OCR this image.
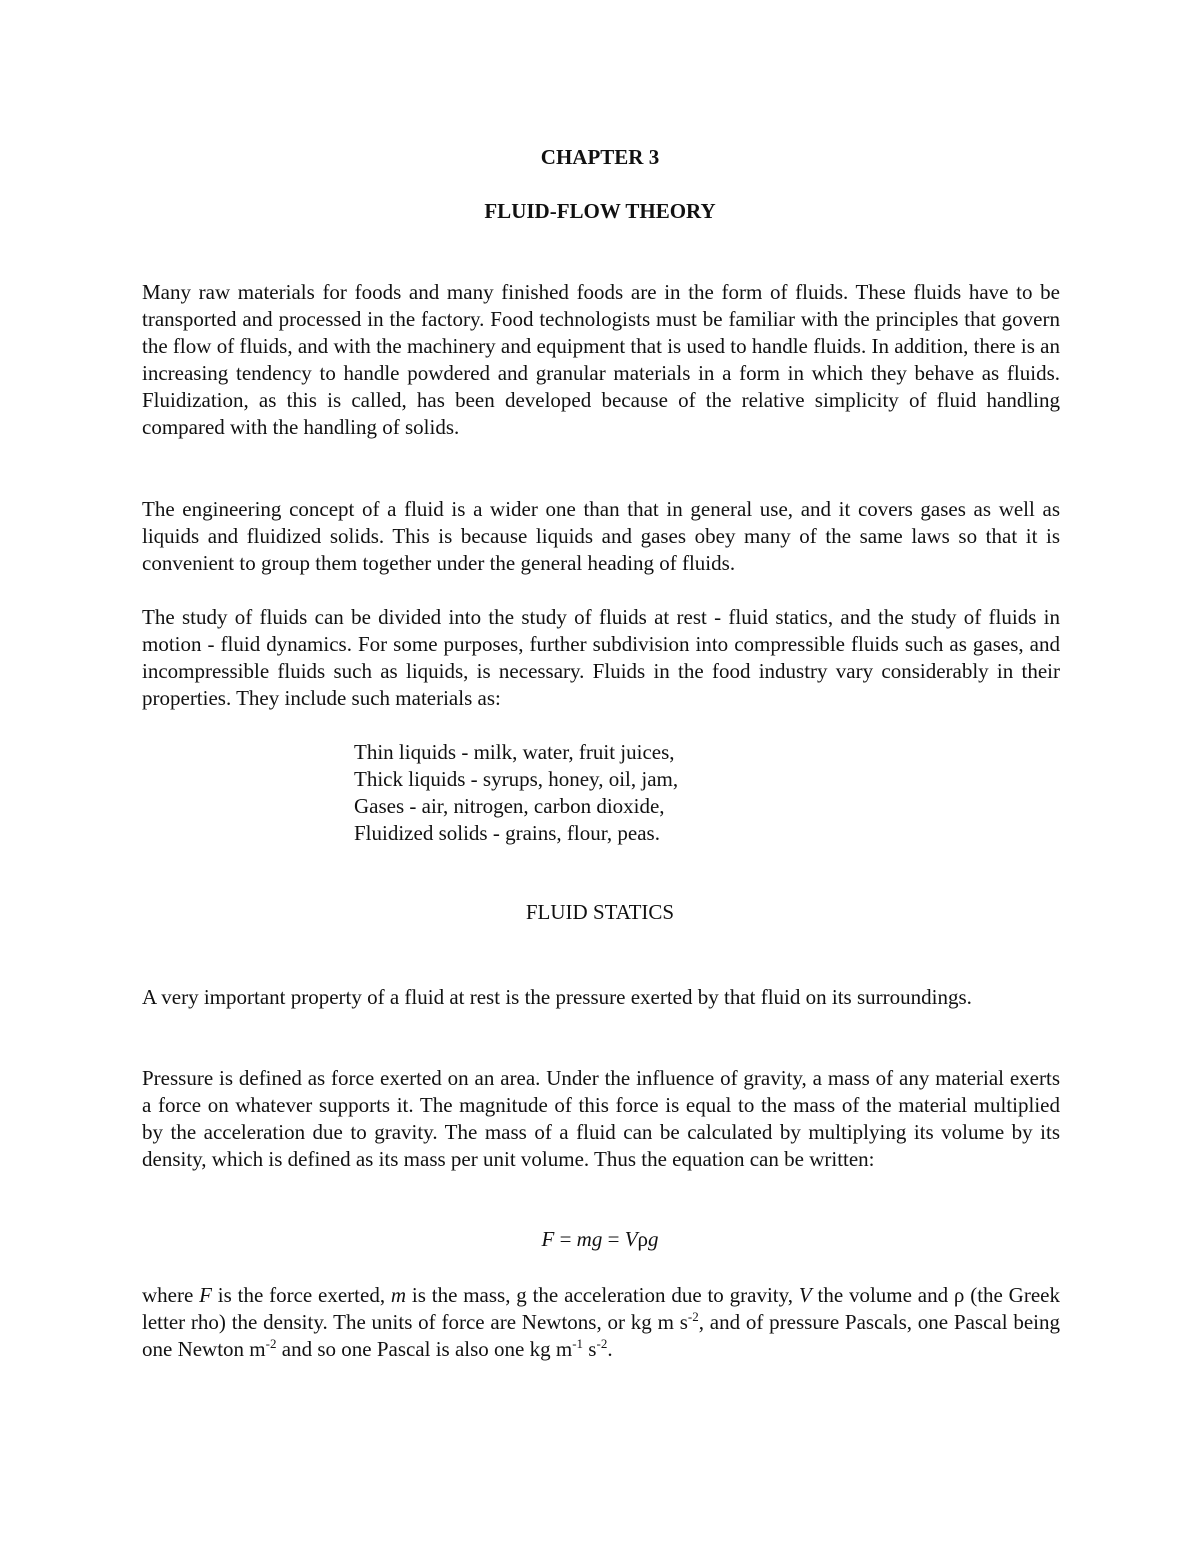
CHAPTER 3

FLUID-FLOW THEORY

Many raw materials for foods and many finished foods are in the form of fluids. These fluids have to be transported and processed in the factory. Food technologists must be familiar with the principles that govern the flow of fluids, and with the machinery and equipment that is used to handle fluids. In addition, there is an increasing tendency to handle powdered and granular materials in a form in which they behave as fluids. Fluidization, as this is called, has been developed because of the relative simplicity of fluid handling compared with the handling of solids.

The engineering concept of a fluid is a wider one than that in general use, and it covers gases as well as liquids and fluidized solids. This is because liquids and gases obey many of the same laws so that it is convenient to group them together under the general heading of fluids.

The study of fluids can be divided into the study of fluids at rest - fluid statics, and the study of fluids in motion - fluid dynamics. For some purposes, further subdivision into compressible fluids such as gases, and incompressible fluids such as liquids, is necessary. Fluids in the food industry vary considerably in their properties. They include such materials as:

Thin liquids - milk, water, fruit juices,
Thick liquids - syrups, honey, oil, jam,
Gases - air, nitrogen, carbon dioxide,
Fluidized solids - grains, flour, peas.

FLUID STATICS

A very important property of a fluid at rest is the pressure exerted by that fluid on its surroundings.

Pressure is defined as force exerted on an area. Under the influence of gravity, a mass of any material exerts a force on whatever supports it. The magnitude of this force is equal to the mass of the material multiplied by the acceleration due to gravity. The mass of a fluid can be calculated by multiplying its volume by its density, which is defined as its mass per unit volume. Thus the equation can be written:

F = mg = Vρg

where F is the force exerted, m is the mass, g the acceleration due to gravity, V the volume and ρ (the Greek letter rho) the density. The units of force are Newtons, or kg m $s^{-2}$, and of pressure Pascals, one Pascal being one Newton $m^{-2}$ and so one Pascal is also one kg $m^{-1}$ $s^{-2}$.
